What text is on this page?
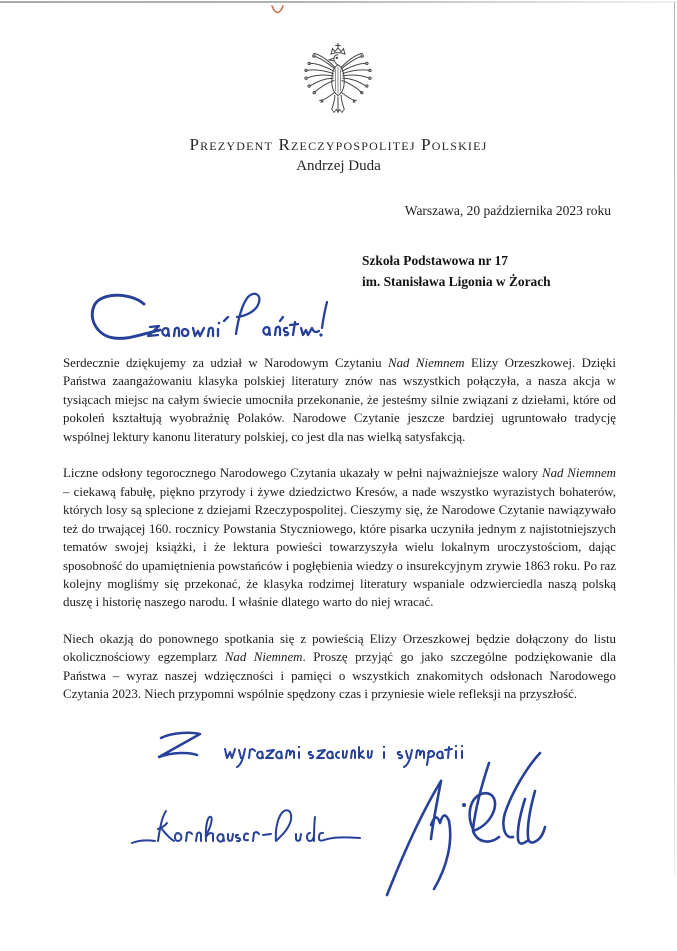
Prezydent Rzeczypospolitej Polskiej
Andrzej Duda
Warszawa, 20 października 2023 roku
Szkoła Podstawowa nr 17
im. Stanisława Ligonia w Żorach

Serdecznie dziękujemy za udział w Narodowym Czytaniu Nad Niemnem Elizy Orzeszkowej. Dzięki Państwa zaangażowaniu klasyka polskiej literatury znów nas wszystkich połączyła, a nasza akcja w tysiącach miejsc na całym świecie umocniła przekonanie, że jesteśmy silnie związani z dziełami, które od pokoleń kształtują wyobraźnię Polaków. Narodowe Czytanie jeszcze bardziej ugruntowało tradycję wspólnej lektury kanonu literatury polskiej, co jest dla nas wielką satysfakcją.

Liczne odsłony tegorocznego Narodowego Czytania ukazały w pełni najważniejsze walory Nad Niemnem – ciekawą fabułę, piękno przyrody i żywe dziedzictwo Kresów, a nade wszystko wyrazistych bohaterów, których losy są splecione z dziejami Rzeczypospolitej. Cieszymy się, że Narodowe Czytanie nawiązywało też do trwającej 160. rocznicy Powstania Styczniowego, które pisarka uczyniła jednym z najistotniejszych tematów swojej książki, i że lektura powieści towarzyszyła wielu lokalnym uroczystościom, dając sposobność do upamiętnienia powstańców i pogłębienia wiedzy o insurekcyjnym zrywie 1863 roku. Po raz kolejny mogliśmy się przekonać, że klasyka rodzimej literatury wspaniale odzwierciedla naszą polską duszę i historię naszego narodu. I właśnie dlatego warto do niej wracać.

Niech okazją do ponownego spotkania się z powieścią Elizy Orzeszkowej będzie dołączony do listu okolicznościowy egzemplarz Nad Niemnem. Proszę przyjąć go jako szczególne podziękowanie dla Państwa – wyraz naszej wdzięczności i pamięci o wszystkich znakomitych odsłonach Narodowego Czytania 2023. Niech przypomni wspólnie spędzony czas i przyniesie wiele refleksji na przyszłość.
